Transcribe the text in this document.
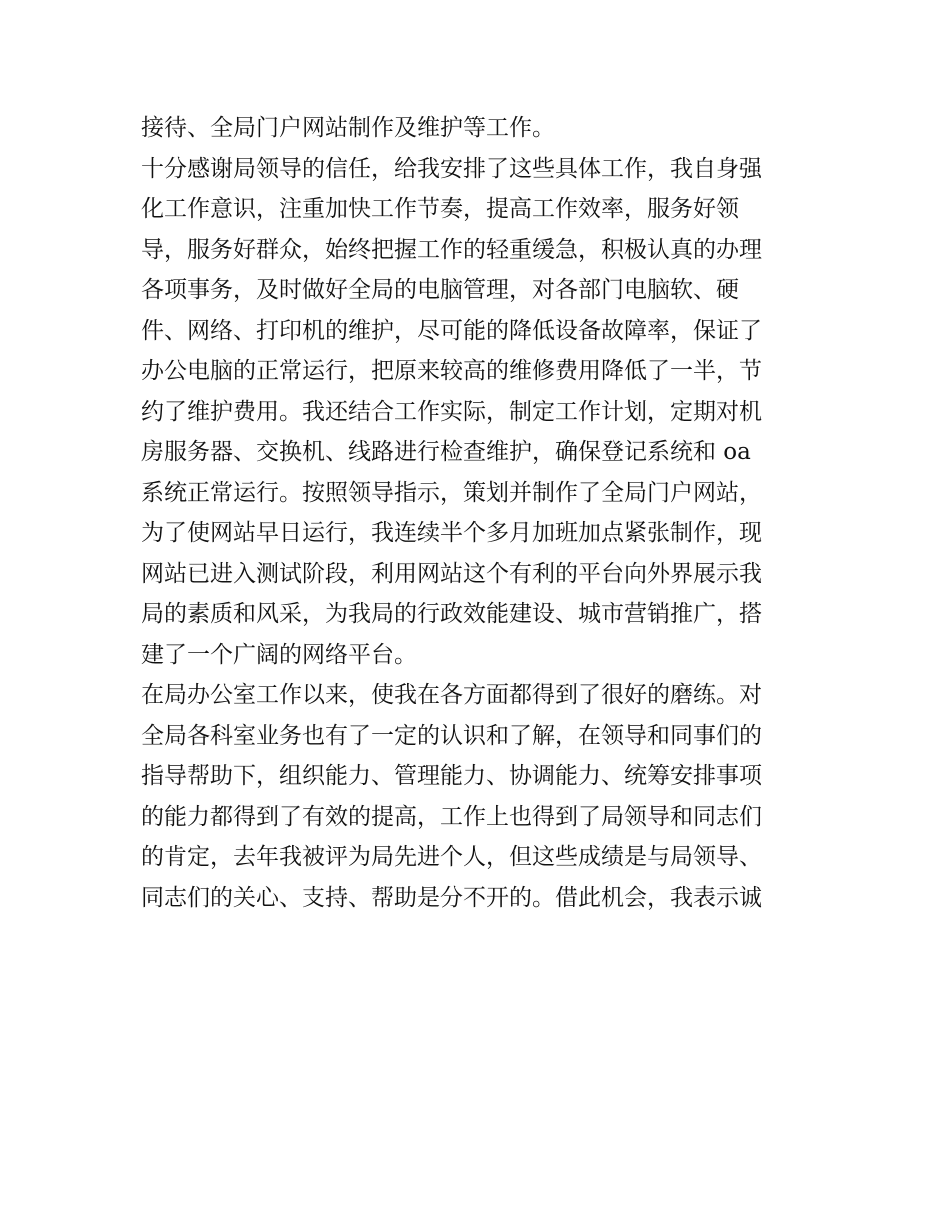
接待、全局门户网站制作及维护等工作。
十分感谢局领导的信任，给我安排了这些具体工作，我自身强
化工作意识，注重加快工作节奏，提高工作效率，服务好领
导，服务好群众，始终把握工作的轻重缓急，积极认真的办理
各项事务，及时做好全局的电脑管理，对各部门电脑软、硬
件、网络、打印机的维护，尽可能的降低设备故障率，保证了
办公电脑的正常运行，把原来较高的维修费用降低了一半，节
约了维护费用。我还结合工作实际，制定工作计划，定期对机
房服务器、交换机、线路进行检查维护，确保登记系统和 oa
系统正常运行。按照领导指示，策划并制作了全局门户网站，
为了使网站早日运行，我连续半个多月加班加点紧张制作，现
网站已进入测试阶段，利用网站这个有利的平台向外界展示我
局的素质和风采，为我局的行政效能建设、城市营销推广，搭
建了一个广阔的网络平台。
在局办公室工作以来，使我在各方面都得到了很好的磨练。对
全局各科室业务也有了一定的认识和了解，在领导和同事们的
指导帮助下，组织能力、管理能力、协调能力、统筹安排事项
的能力都得到了有效的提高，工作上也得到了局领导和同志们
的肯定，去年我被评为局先进个人，但这些成绩是与局领导、
同志们的关心、支持、帮助是分不开的。借此机会，我表示诚
